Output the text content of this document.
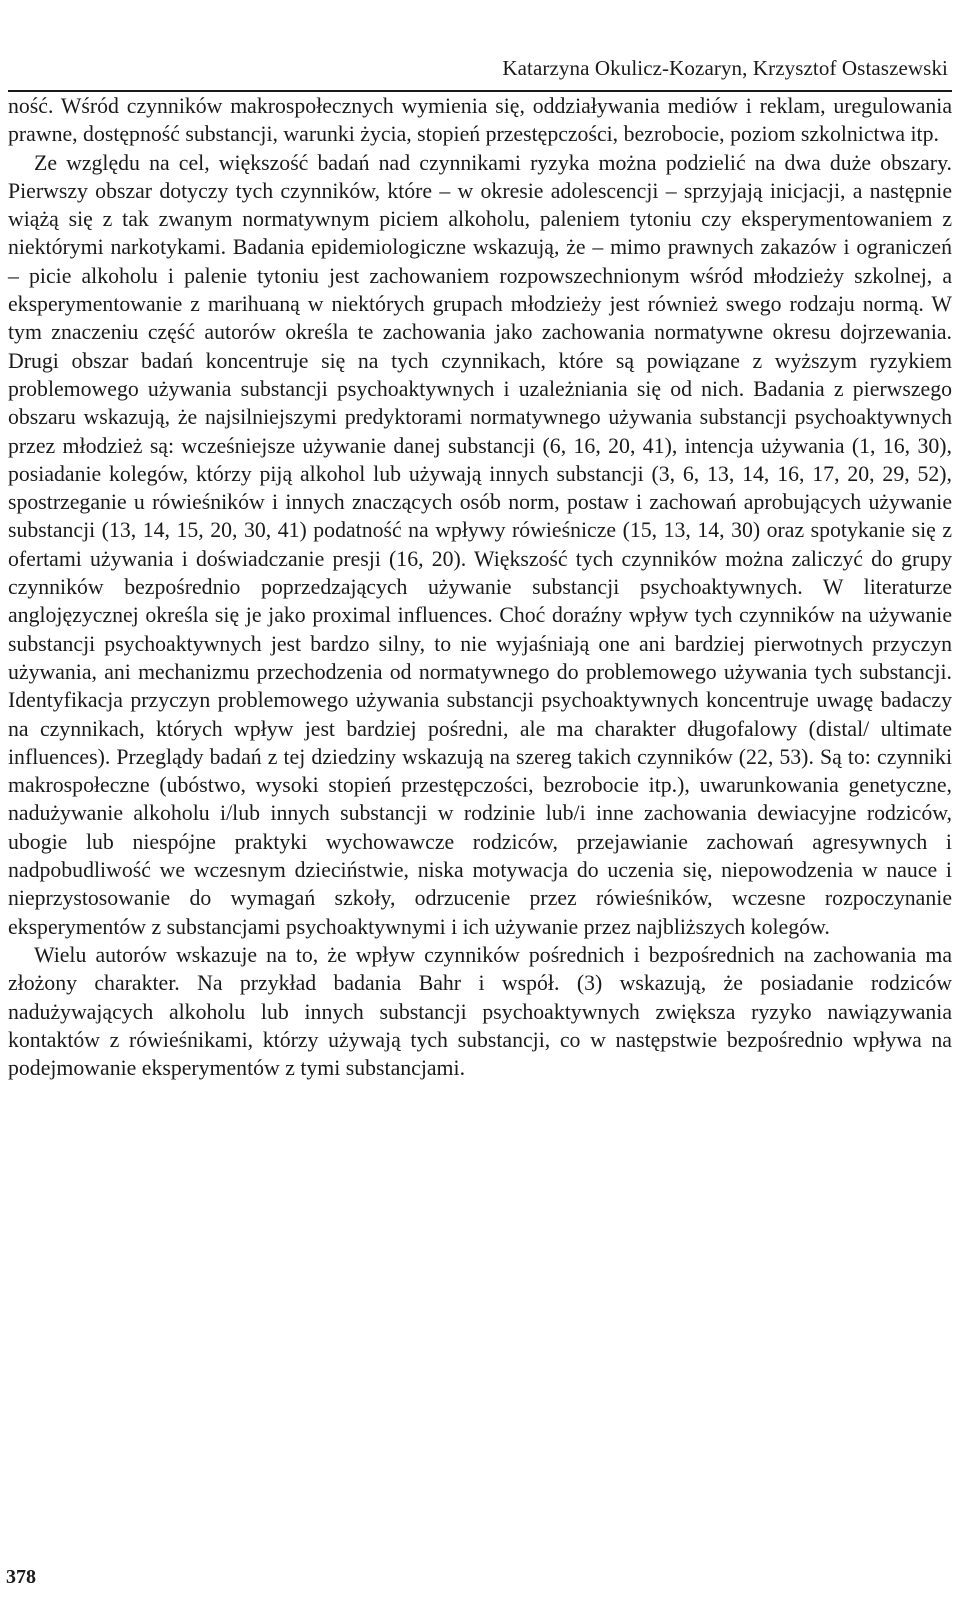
Katarzyna Okulicz-Kozaryn, Krzysztof Ostaszewski

ność. Wśród czynników makrospołecznych wymienia się, oddziaływania mediów i reklam, uregulowania prawne, dostępność substancji, warunki życia, stopień przestępczości, bezrobocie, poziom szkolnictwa itp.

Ze względu na cel, większość badań nad czynnikami ryzyka można podzielić na dwa duże obszary. Pierwszy obszar dotyczy tych czynników, które – w okresie adolescencji – sprzyjają inicjacji, a następnie wiążą się z tak zwanym normatywnym piciem alkoholu, paleniem tytoniu czy eksperymentowaniem z niektórymi narkotykami. Badania epidemiologiczne wskazują, że – mimo prawnych zakazów i ograniczeń – picie alkoholu i palenie tytoniu jest zachowaniem rozpowszechnionym wśród młodzieży szkolnej, a eksperymentowanie z marihuaną w niektórych grupach młodzieży jest również swego rodzaju normą. W tym znaczeniu część autorów określa te zachowania jako zachowania normatywne okresu dojrzewania. Drugi obszar badań koncentruje się na tych czynnikach, które są powiązane z wyższym ryzykiem problemowego używania substancji psychoaktywnych i uzależniania się od nich. Badania z pierwszego obszaru wskazują, że najsilniejszymi predyktorami normatywnego używania substancji psychoaktywnych przez młodzież są: wcześniejsze używanie danej substancji (6, 16, 20, 41), intencja używania (1, 16, 30), posiadanie kolegów, którzy piją alkohol lub używają innych substancji (3, 6, 13, 14, 16, 17, 20, 29, 52), spostrzeganie u rówieśników i innych znaczących osób norm, postaw i zachowań aprobujących używanie substancji (13, 14, 15, 20, 30, 41) podatność na wpływy rówieśnicze (15, 13, 14, 30) oraz spotykanie się z ofertami używania i doświadczanie presji (16, 20). Większość tych czynników można zaliczyć do grupy czynników bezpośrednio poprzedzających używanie substancji psychoaktywnych. W literaturze anglojęzycznej określa się je jako proximal influences. Choć doraźny wpływ tych czynników na używanie substancji psychoaktywnych jest bardzo silny, to nie wyjaśniają one ani bardziej pierwotnych przyczyn używania, ani mechanizmu przechodzenia od normatywnego do problemowego używania tych substancji. Identyfikacja przyczyn problemowego używania substancji psychoaktywnych koncentruje uwagę badaczy na czynnikach, których wpływ jest bardziej pośredni, ale ma charakter długofalowy (distal/ ultimate influences). Przeglądy badań z tej dziedziny wskazują na szereg takich czynników (22, 53). Są to: czynniki makrospołeczne (ubóstwo, wysoki stopień przestępczości, bezrobocie itp.), uwarunkowania genetyczne, nadużywanie alkoholu i/lub innych substancji w rodzinie lub/i inne zachowania dewiacyjne rodziców, ubogie lub niespójne praktyki wychowawcze rodziców, przejawianie zachowań agresywnych i nadpobudliwość we wczesnym dzieciństwie, niska motywacja do uczenia się, niepowodzenia w nauce i nieprzystosowanie do wymagań szkoły, odrzucenie przez rówieśników, wczesne rozpoczynanie eksperymentów z substancjami psychoaktywnymi i ich używanie przez najbliższych kolegów.

Wielu autorów wskazuje na to, że wpływ czynników pośrednich i bezpośrednich na zachowania ma złożony charakter. Na przykład badania Bahr i współ. (3) wskazują, że posiadanie rodziców nadużywających alkoholu lub innych substancji psychoaktywnych zwiększa ryzyko nawiązywania kontaktów z rówieśnikami, którzy używają tych substancji, co w następstwie bezpośrednio wpływa na podejmowanie eksperymentów z tymi substancjami.

378
